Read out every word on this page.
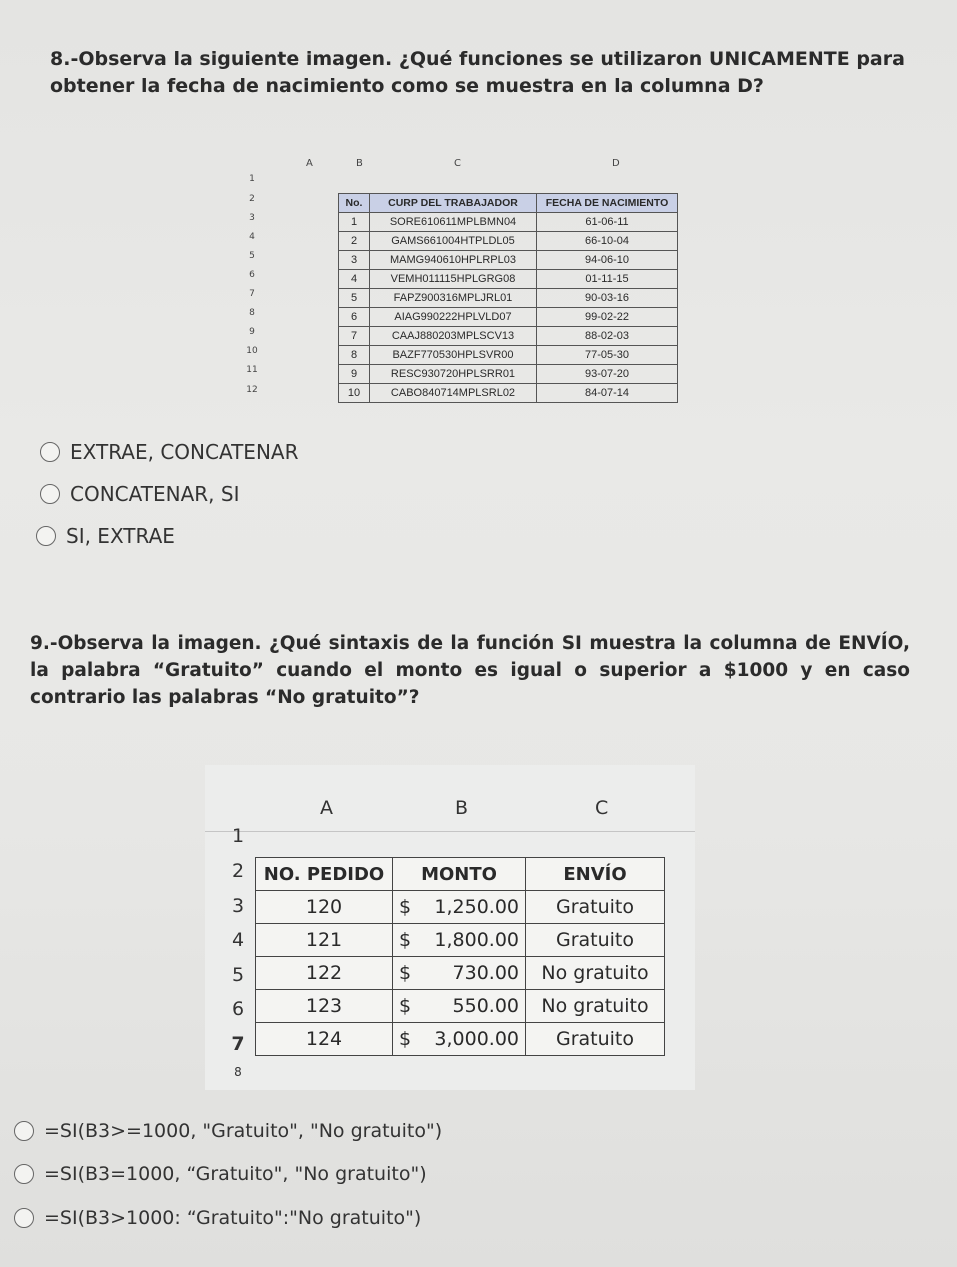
8.-Observa la siguiente imagen. ¿Qué funciones se utilizaron UNICAMENTE para obtener la fecha de nacimiento como se muestra en la columna D?
A	B	C	D
1
2
3
4
5
6
7
8
9
10
11
12
No.	CURP DEL TRABAJADOR	FECHA DE NACIMIENTO
1	SORE610611MPLBMN04	61-06-11
2	GAMS661004HTPLDL05	66-10-04
3	MAMG940610HPLRPL03	94-06-10
4	VEMH011115HPLGRG08	01-11-15
5	FAPZ900316MPLJRL01	90-03-16
6	AIAG990222HPLVLD07	99-02-22
7	CAAJ880203MPLSCV13	88-02-03
8	BAZF770530HPLSVR00	77-05-30
9	RESC930720HPLSRR01	93-07-20
10	CABO840714MPLSRL02	84-07-14
EXTRAE, CONCATENAR
CONCATENAR, SI
SI, EXTRAE
9.-Observa la imagen. ¿Qué sintaxis de la función SI muestra la columna de ENVÍO, la palabra “Gratuito” cuando el monto es igual o superior a $1000 y en caso contrario las palabras “No gratuito”?
A	B	C
1
2
3
4
5
6
7
8
NO. PEDIDO	MONTO	ENVÍO
120	$ 1,250.00	Gratuito
121	$ 1,800.00	Gratuito
122	$ 730.00	No gratuito
123	$ 550.00	No gratuito
124	$ 3,000.00	Gratuito
=SI(B3>=1000, "Gratuito", "No gratuito")
=SI(B3=1000, “Gratuito", "No gratuito")
=SI(B3>1000: “Gratuito":"No gratuito")
